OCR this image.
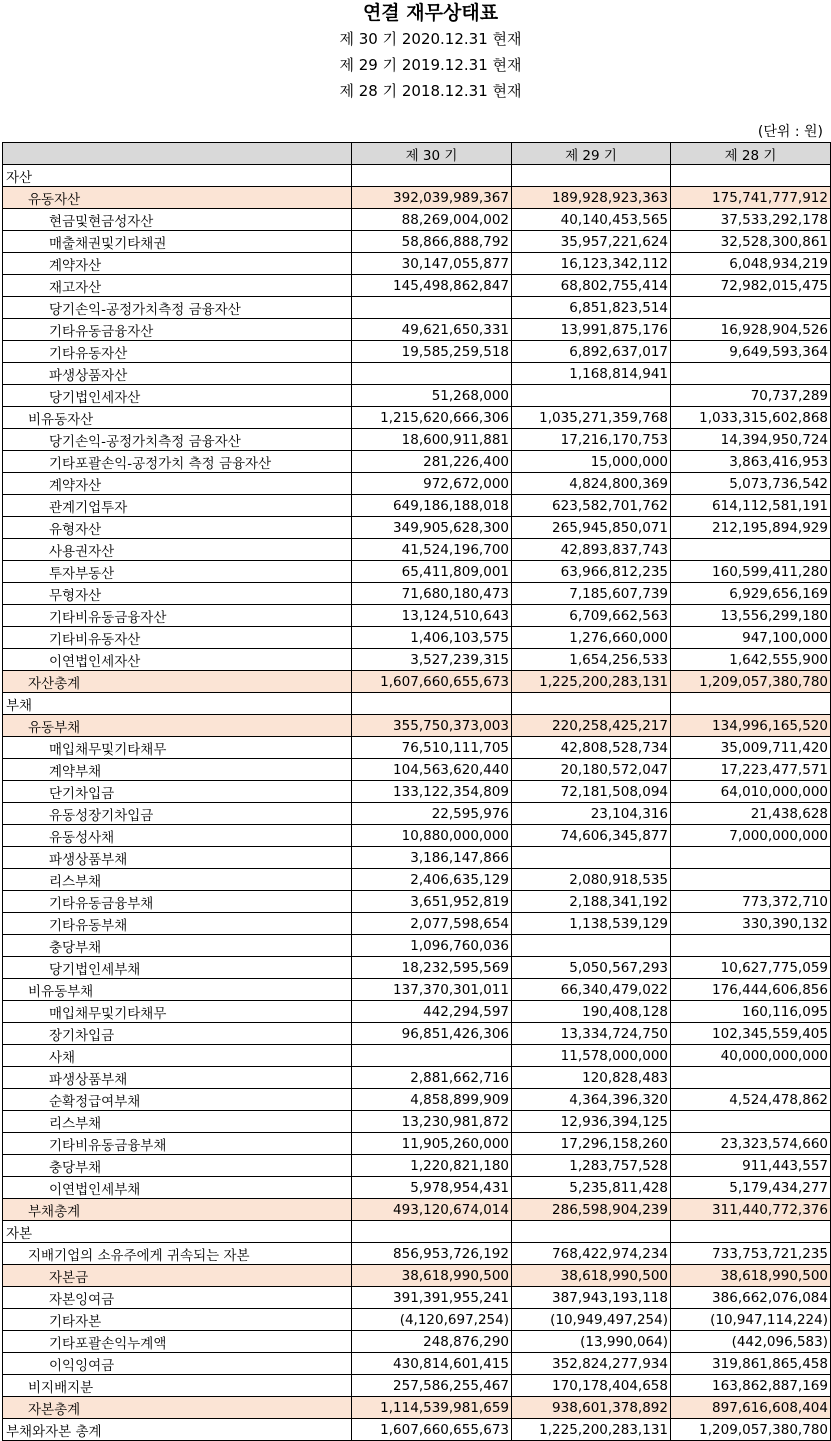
연결 재무상태표
제 30 기 2020.12.31 현재
제 29 기 2019.12.31 현재
제 28 기 2018.12.31 현재
(단위 : 원)
	제 30 기	제 29 기	제 28 기
자산			
유동자산	392,039,989,367	189,928,923,363	175,741,777,912
현금및현금성자산	88,269,004,002	40,140,453,565	37,533,292,178
매출채권및기타채권	58,866,888,792	35,957,221,624	32,528,300,861
계약자산	30,147,055,877	16,123,342,112	6,048,934,219
재고자산	145,498,862,847	68,802,755,414	72,982,015,475
당기손익-공정가치측정 금융자산		6,851,823,514	
기타유동금융자산	49,621,650,331	13,991,875,176	16,928,904,526
기타유동자산	19,585,259,518	6,892,637,017	9,649,593,364
파생상품자산		1,168,814,941	
당기법인세자산	51,268,000		70,737,289
비유동자산	1,215,620,666,306	1,035,271,359,768	1,033,315,602,868
당기손익-공정가치측정 금융자산	18,600,911,881	17,216,170,753	14,394,950,724
기타포괄손익-공정가치 측정 금융자산	281,226,400	15,000,000	3,863,416,953
계약자산	972,672,000	4,824,800,369	5,073,736,542
관계기업투자	649,186,188,018	623,582,701,762	614,112,581,191
유형자산	349,905,628,300	265,945,850,071	212,195,894,929
사용권자산	41,524,196,700	42,893,837,743	
투자부동산	65,411,809,001	63,966,812,235	160,599,411,280
무형자산	71,680,180,473	7,185,607,739	6,929,656,169
기타비유동금융자산	13,124,510,643	6,709,662,563	13,556,299,180
기타비유동자산	1,406,103,575	1,276,660,000	947,100,000
이연법인세자산	3,527,239,315	1,654,256,533	1,642,555,900
자산총계	1,607,660,655,673	1,225,200,283,131	1,209,057,380,780
부채			
유동부채	355,750,373,003	220,258,425,217	134,996,165,520
매입채무및기타채무	76,510,111,705	42,808,528,734	35,009,711,420
계약부채	104,563,620,440	20,180,572,047	17,223,477,571
단기차입금	133,122,354,809	72,181,508,094	64,010,000,000
유동성장기차입금	22,595,976	23,104,316	21,438,628
유동성사채	10,880,000,000	74,606,345,877	7,000,000,000
파생상품부채	3,186,147,866		
리스부채	2,406,635,129	2,080,918,535	
기타유동금융부채	3,651,952,819	2,188,341,192	773,372,710
기타유동부채	2,077,598,654	1,138,539,129	330,390,132
충당부채	1,096,760,036		
당기법인세부채	18,232,595,569	5,050,567,293	10,627,775,059
비유동부채	137,370,301,011	66,340,479,022	176,444,606,856
매입채무및기타채무	442,294,597	190,408,128	160,116,095
장기차입금	96,851,426,306	13,334,724,750	102,345,559,405
사채		11,578,000,000	40,000,000,000
파생상품부채	2,881,662,716	120,828,483	
순확정급여부채	4,858,899,909	4,364,396,320	4,524,478,862
리스부채	13,230,981,872	12,936,394,125	
기타비유동금융부채	11,905,260,000	17,296,158,260	23,323,574,660
충당부채	1,220,821,180	1,283,757,528	911,443,557
이연법인세부채	5,978,954,431	5,235,811,428	5,179,434,277
부채총계	493,120,674,014	286,598,904,239	311,440,772,376
자본			
지배기업의 소유주에게 귀속되는 자본	856,953,726,192	768,422,974,234	733,753,721,235
자본금	38,618,990,500	38,618,990,500	38,618,990,500
자본잉여금	391,391,955,241	387,943,193,118	386,662,076,084
기타자본	(4,120,697,254)	(10,949,497,254)	(10,947,114,224)
기타포괄손익누계액	248,876,290	(13,990,064)	(442,096,583)
이익잉여금	430,814,601,415	352,824,277,934	319,861,865,458
비지배지분	257,586,255,467	170,178,404,658	163,862,887,169
자본총계	1,114,539,981,659	938,601,378,892	897,616,608,404
부채와자본 총계	1,607,660,655,673	1,225,200,283,131	1,209,057,380,780
